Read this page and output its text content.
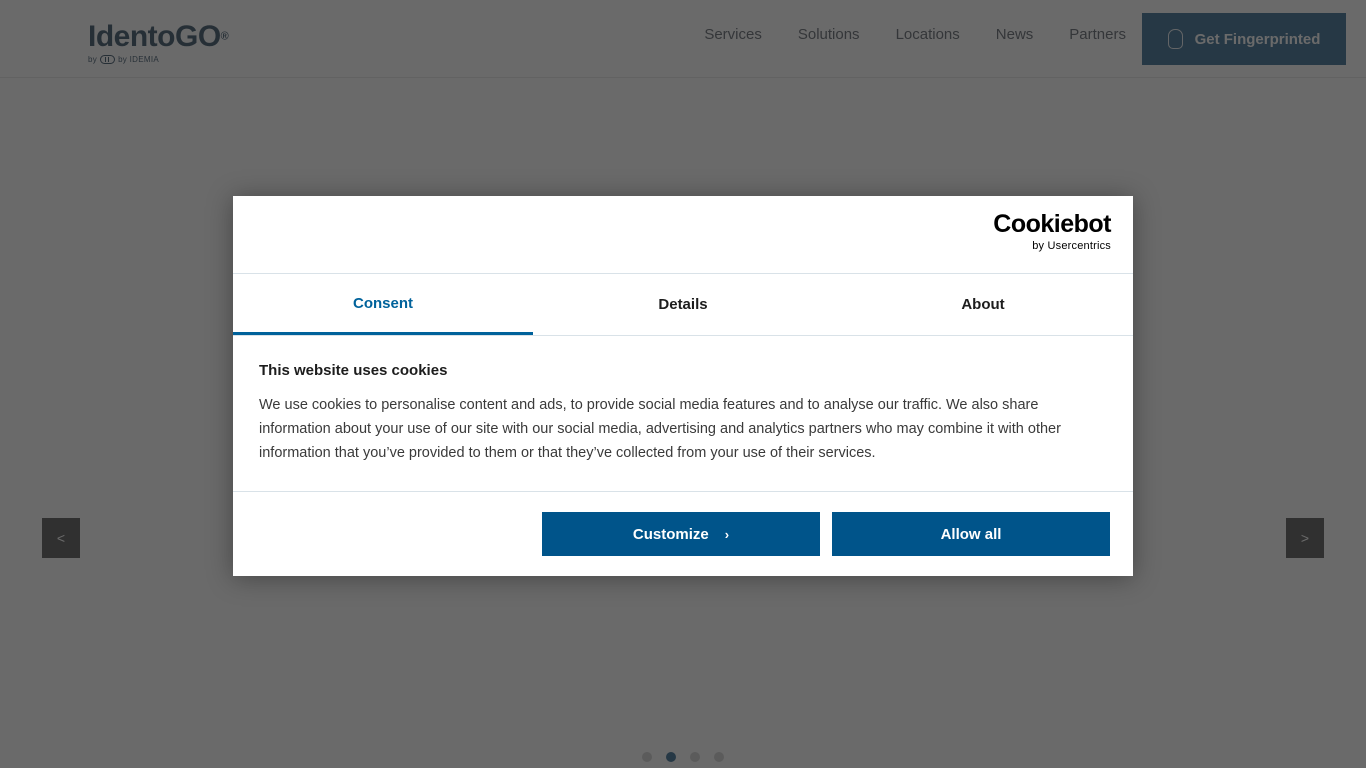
Cookiebot
by Usercentrics
Consent	Details	About

This website uses cookies

We use cookies to personalise content and ads, to provide social media features and to analyse our traffic. We also share information about your use of our site with our social media, advertising and analytics partners who may combine it with other information that you’ve provided to them or that they’ve collected from your use of their services.

Customize ›	Allow all
